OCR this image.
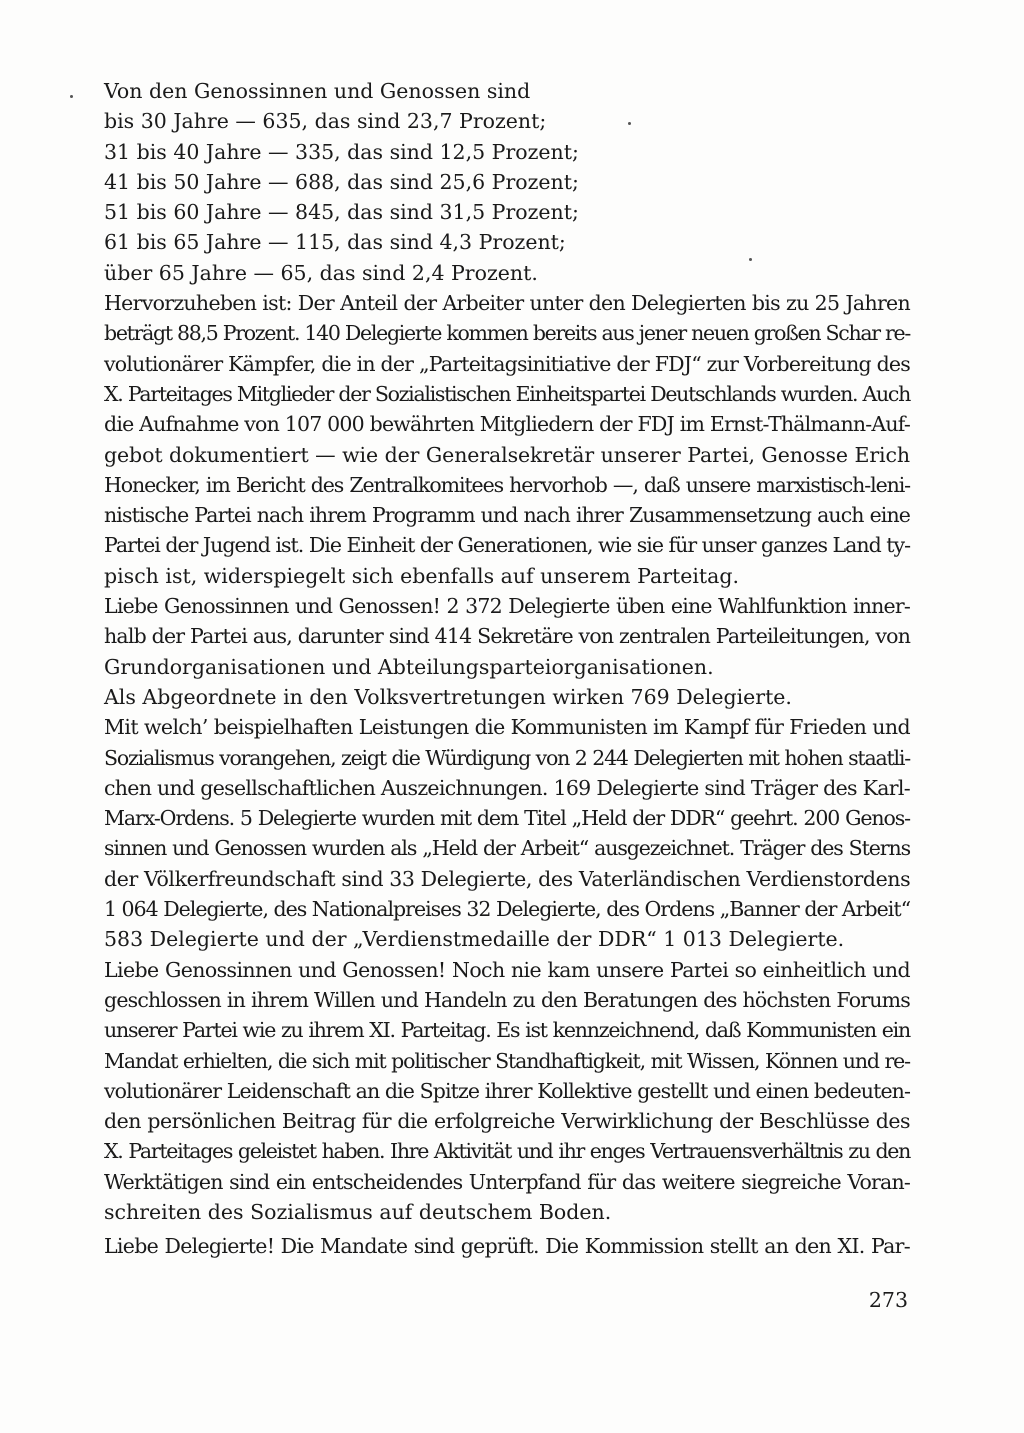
Von den Genossinnen und Genossen sind
bis 30 Jahre — 635, das sind 23,7 Prozent;
31 bis 40 Jahre — 335, das sind 12,5 Prozent;
41 bis 50 Jahre — 688, das sind 25,6 Prozent;
51 bis 60 Jahre — 845, das sind 31,5 Prozent;
61 bis 65 Jahre — 115, das sind 4,3 Prozent;
über 65 Jahre — 65, das sind 2,4 Prozent.
Hervorzuheben ist: Der Anteil der Arbeiter unter den Delegierten bis zu 25 Jahren
beträgt 88,5 Prozent. 140 Delegierte kommen bereits aus jener neuen großen Schar re-
volutionärer Kämpfer, die in der „Parteitagsinitiative der FDJ“ zur Vorbereitung des
X. Parteitages Mitglieder der Sozialistischen Einheitspartei Deutschlands wurden. Auch
die Aufnahme von 107 000 bewährten Mitgliedern der FDJ im Ernst-Thälmann-Auf-
gebot dokumentiert — wie der Generalsekretär unserer Partei, Genosse Erich
Honecker, im Bericht des Zentralkomitees hervorhob —, daß unsere marxistisch-leni-
nistische Partei nach ihrem Programm und nach ihrer Zusammensetzung auch eine
Partei der Jugend ist. Die Einheit der Generationen, wie sie für unser ganzes Land ty-
pisch ist, widerspiegelt sich ebenfalls auf unserem Parteitag.
Liebe Genossinnen und Genossen! 2 372 Delegierte üben eine Wahlfunktion inner-
halb der Partei aus, darunter sind 414 Sekretäre von zentralen Parteileitungen, von
Grundorganisationen und Abteilungsparteiorganisationen.
Als Abgeordnete in den Volksvertretungen wirken 769 Delegierte.
Mit welch’ beispielhaften Leistungen die Kommunisten im Kampf für Frieden und
Sozialismus vorangehen, zeigt die Würdigung von 2 244 Delegierten mit hohen staatli-
chen und gesellschaftlichen Auszeichnungen. 169 Delegierte sind Träger des Karl-
Marx-Ordens. 5 Delegierte wurden mit dem Titel „Held der DDR“ geehrt. 200 Genos-
sinnen und Genossen wurden als „Held der Arbeit“ ausgezeichnet. Träger des Sterns
der Völkerfreundschaft sind 33 Delegierte, des Vaterländischen Verdienstordens
1 064 Delegierte, des Nationalpreises 32 Delegierte, des Ordens „Banner der Arbeit“
583 Delegierte und der „Verdienstmedaille der DDR“ 1 013 Delegierte.
Liebe Genossinnen und Genossen! Noch nie kam unsere Partei so einheitlich und
geschlossen in ihrem Willen und Handeln zu den Beratungen des höchsten Forums
unserer Partei wie zu ihrem XI. Parteitag. Es ist kennzeichnend, daß Kommunisten ein
Mandat erhielten, die sich mit politischer Standhaftigkeit, mit Wissen, Können und re-
volutionärer Leidenschaft an die Spitze ihrer Kollektive gestellt und einen bedeuten-
den persönlichen Beitrag für die erfolgreiche Verwirklichung der Beschlüsse des
X. Parteitages geleistet haben. Ihre Aktivität und ihr enges Vertrauensverhältnis zu den
Werktätigen sind ein entscheidendes Unterpfand für das weitere siegreiche Voran-
schreiten des Sozialismus auf deutschem Boden.
Liebe Delegierte! Die Mandate sind geprüft. Die Kommission stellt an den XI. Par-
273
